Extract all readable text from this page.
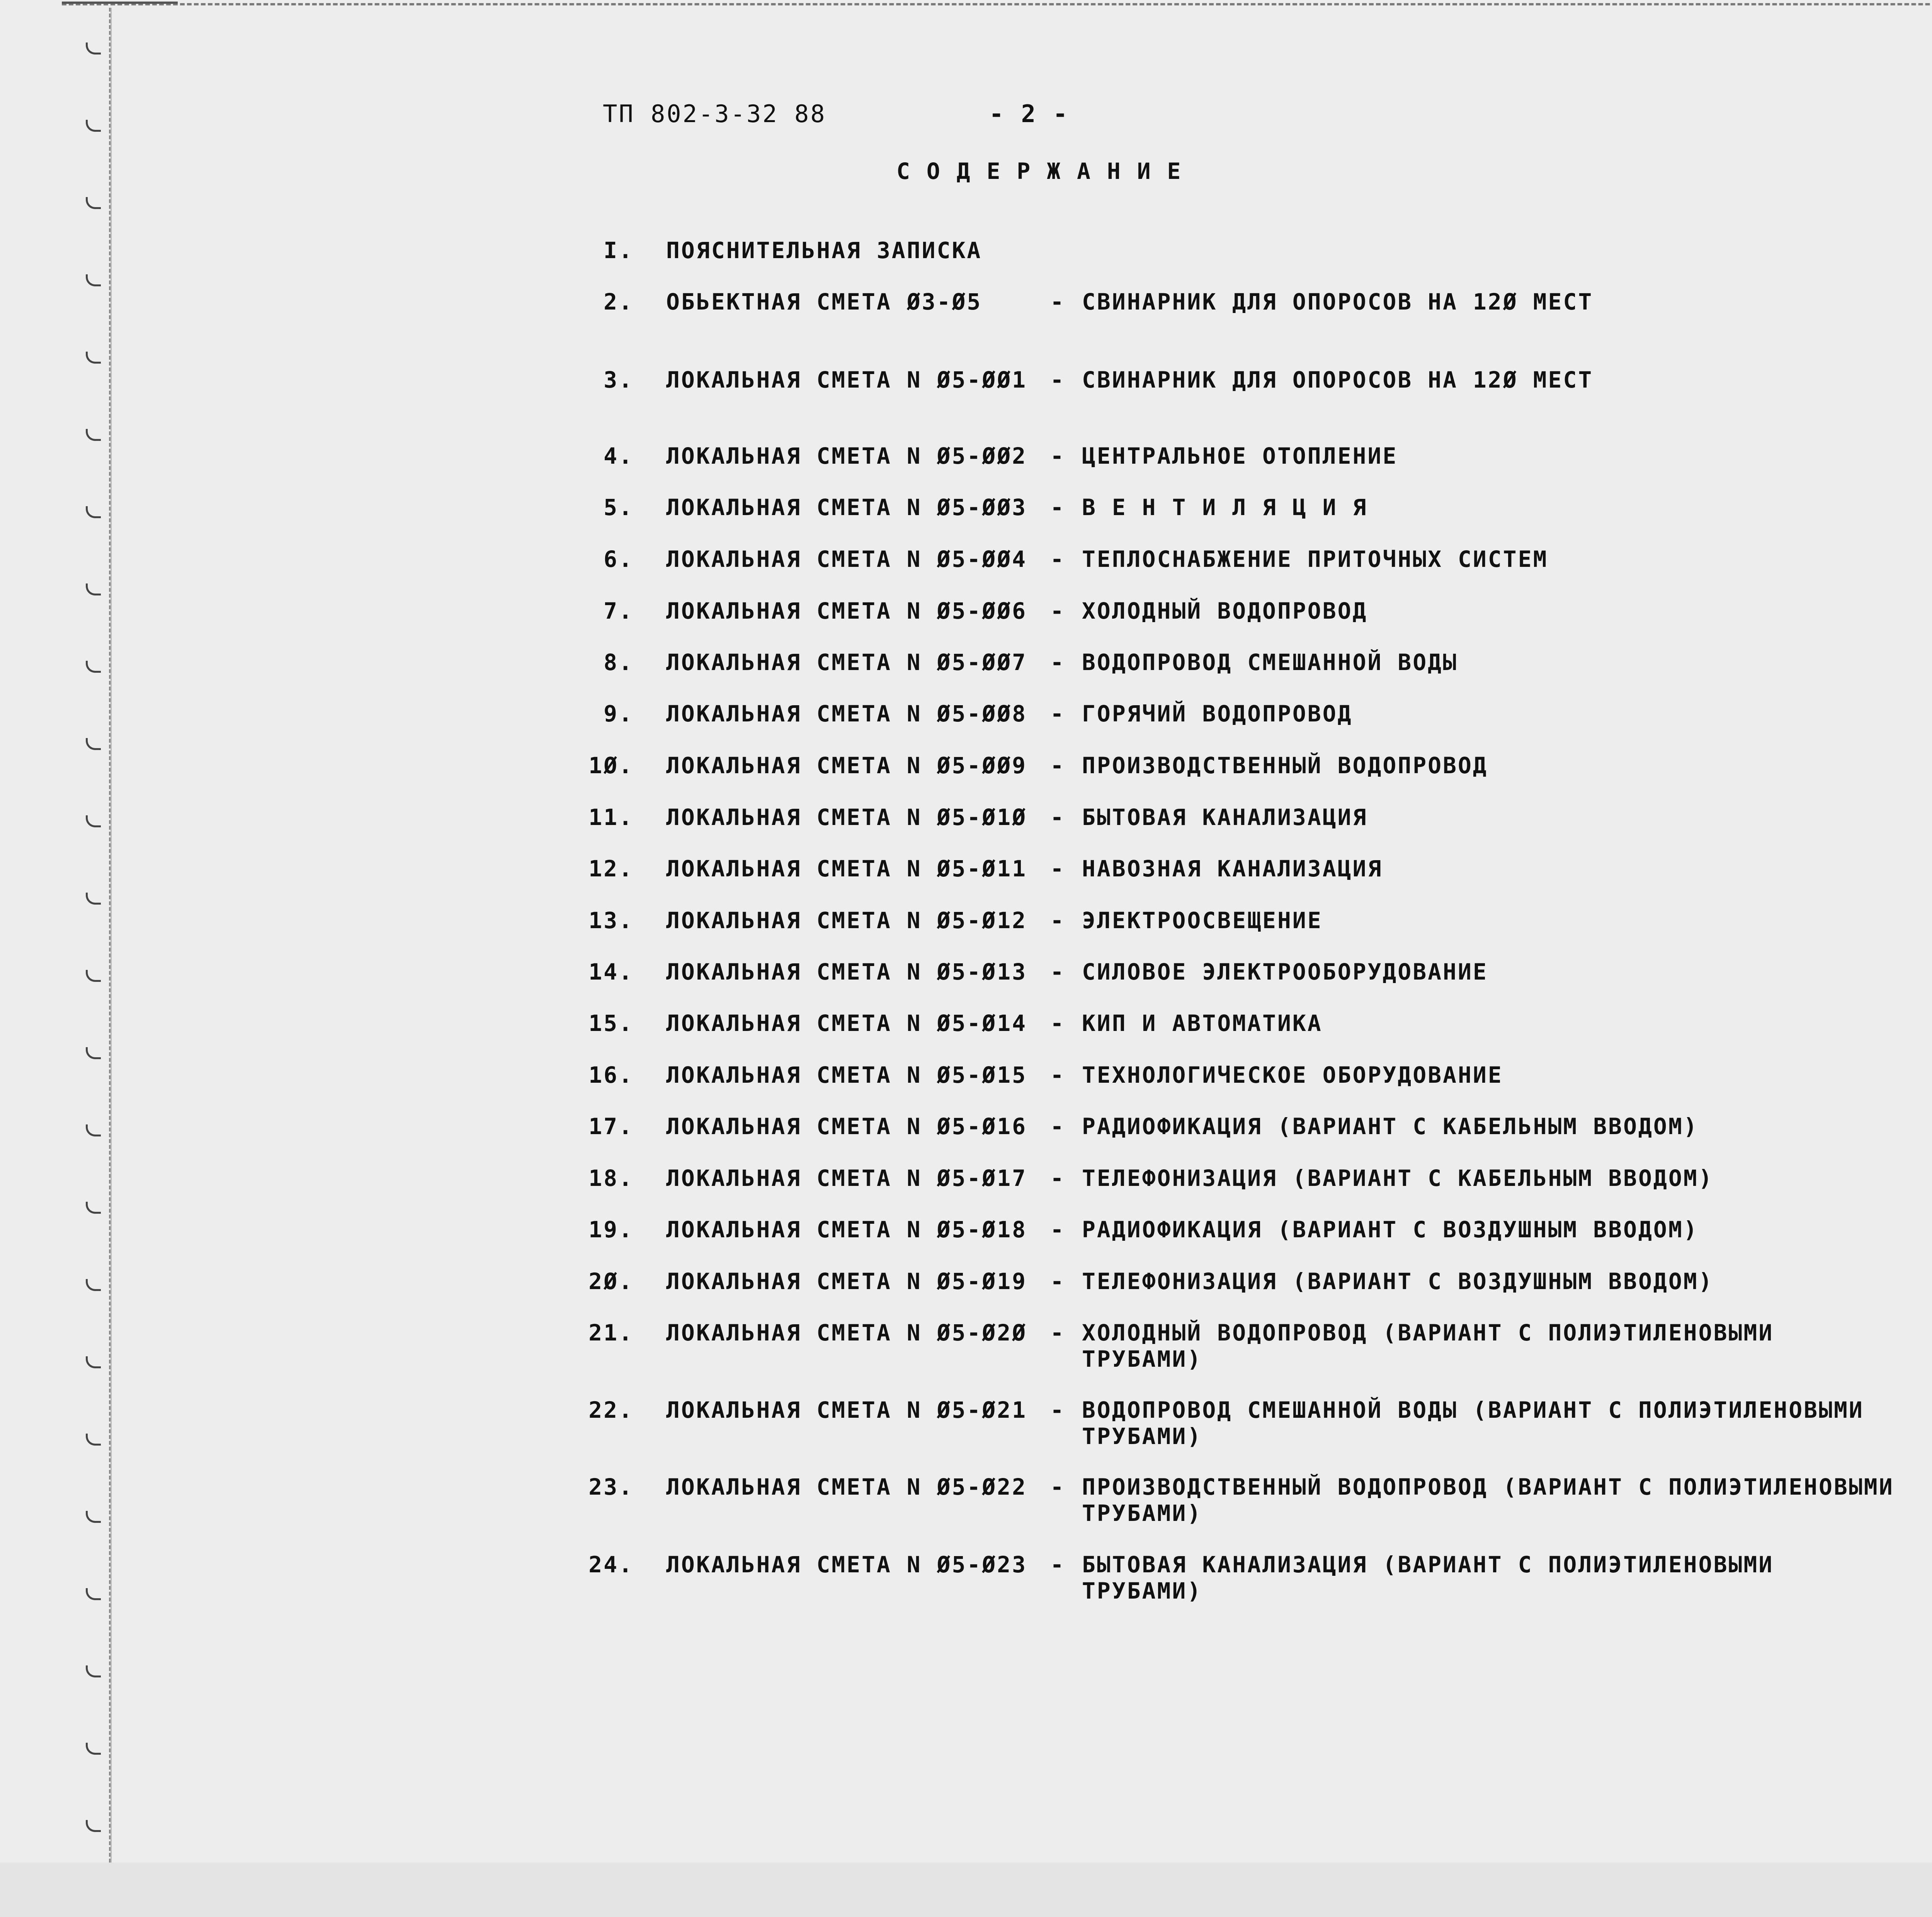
ТП 802-3-32 88	- 2 -
С О Д Е Р Ж А Н И Е
I. ПОЯСНИТЕЛЬНАЯ ЗАПИСКА
2. ОБЬЕКТНАЯ СМЕТА Ø3-Ø5	- СВИНАРНИК ДЛЯ ОПОРОСОВ НА 12Ø МЕСТ
3. ЛОКАЛЬНАЯ СМЕТА N Ø5-ØØ1 - СВИНАРНИК ДЛЯ ОПОРОСОВ НА 12Ø МЕСТ
4. ЛОКАЛЬНАЯ СМЕТА N Ø5-ØØ2 - ЦЕНТРАЛЬНОЕ ОТОПЛЕНИЕ
5. ЛОКАЛЬНАЯ СМЕТА N Ø5-ØØ3 - В Е Н Т И Л Я Ц И Я
6. ЛОКАЛЬНАЯ СМЕТА N Ø5-ØØ4 - ТЕПЛОСНАБЖЕНИЕ ПРИТОЧНЫХ СИСТЕМ
7. ЛОКАЛЬНАЯ СМЕТА N Ø5-ØØ6 - ХОЛОДНЫЙ ВОДОПРОВОД
8. ЛОКАЛЬНАЯ СМЕТА N Ø5-ØØ7 - ВОДОПРОВОД СМЕШАННОЙ ВОДЫ
9. ЛОКАЛЬНАЯ СМЕТА N Ø5-ØØ8 - ГОРЯЧИЙ ВОДОПРОВОД
1Ø. ЛОКАЛЬНАЯ СМЕТА N Ø5-ØØ9 - ПРОИЗВОДСТВЕННЫЙ ВОДОПРОВОД
11. ЛОКАЛЬНАЯ СМЕТА N Ø5-Ø1Ø - БЫТОВАЯ КАНАЛИЗАЦИЯ
12. ЛОКАЛЬНАЯ СМЕТА N Ø5-Ø11 - НАВОЗНАЯ КАНАЛИЗАЦИЯ
13. ЛОКАЛЬНАЯ СМЕТА N Ø5-Ø12 - ЭЛЕКТРООСВЕЩЕНИЕ
14. ЛОКАЛЬНАЯ СМЕТА N Ø5-Ø13 - СИЛОВОЕ ЭЛЕКТРООБОРУДОВАНИЕ
15. ЛОКАЛЬНАЯ СМЕТА N Ø5-Ø14 - КИП И АВТОМАТИКА
16. ЛОКАЛЬНАЯ СМЕТА N Ø5-Ø15 - ТЕХНОЛОГИЧЕСКОЕ ОБОРУДОВАНИЕ
17. ЛОКАЛЬНАЯ СМЕТА N Ø5-Ø16 - РАДИОФИКАЦИЯ (ВАРИАНТ С КАБЕЛЬНЫМ ВВОДОМ)
18. ЛОКАЛЬНАЯ СМЕТА N Ø5-Ø17 - ТЕЛЕФОНИЗАЦИЯ (ВАРИАНТ С КАБЕЛЬНЫМ ВВОДОМ)
19. ЛОКАЛЬНАЯ СМЕТА N Ø5-Ø18 - РАДИОФИКАЦИЯ (ВАРИАНТ С ВОЗДУШНЫМ ВВОДОМ)
2Ø. ЛОКАЛЬНАЯ СМЕТА N Ø5-Ø19 - ТЕЛЕФОНИЗАЦИЯ (ВАРИАНТ С ВОЗДУШНЫМ ВВОДОМ)
21. ЛОКАЛЬНАЯ СМЕТА N Ø5-Ø2Ø - ХОЛОДНЫЙ ВОДОПРОВОД (ВАРИАНТ С ПОЛИЭТИЛЕНОВЫМИ
ТРУБАМИ)
22. ЛОКАЛЬНАЯ СМЕТА N Ø5-Ø21 - ВОДОПРОВОД СМЕШАННОЙ ВОДЫ (ВАРИАНТ С ПОЛИЭТИЛЕНОВЫМИ
ТРУБАМИ)
23. ЛОКАЛЬНАЯ СМЕТА N Ø5-Ø22 - ПРОИЗВОДСТВЕННЫЙ ВОДОПРОВОД (ВАРИАНТ С ПОЛИЭТИЛЕНОВЫМИ
ТРУБАМИ)
24. ЛОКАЛЬНАЯ СМЕТА N Ø5-Ø23 - БЫТОВАЯ КАНАЛИЗАЦИЯ (ВАРИАНТ С ПОЛИЭТИЛЕНОВЫМИ
ТРУБАМИ)
